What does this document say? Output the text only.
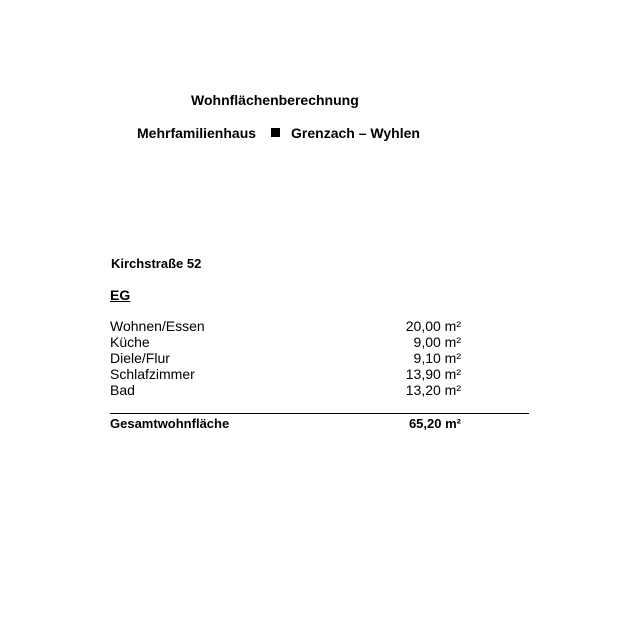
Wohnflächenberechnung
Mehrfamilienhaus	Grenzach – Wyhlen
Kirchstraße 52
EG
Wohnen/Essen	20,00 m²
Küche	9,00 m²
Diele/Flur	9,10 m²
Schlafzimmer	13,90 m²
Bad	13,20 m²
Gesamtwohnfläche	65,20 m²
